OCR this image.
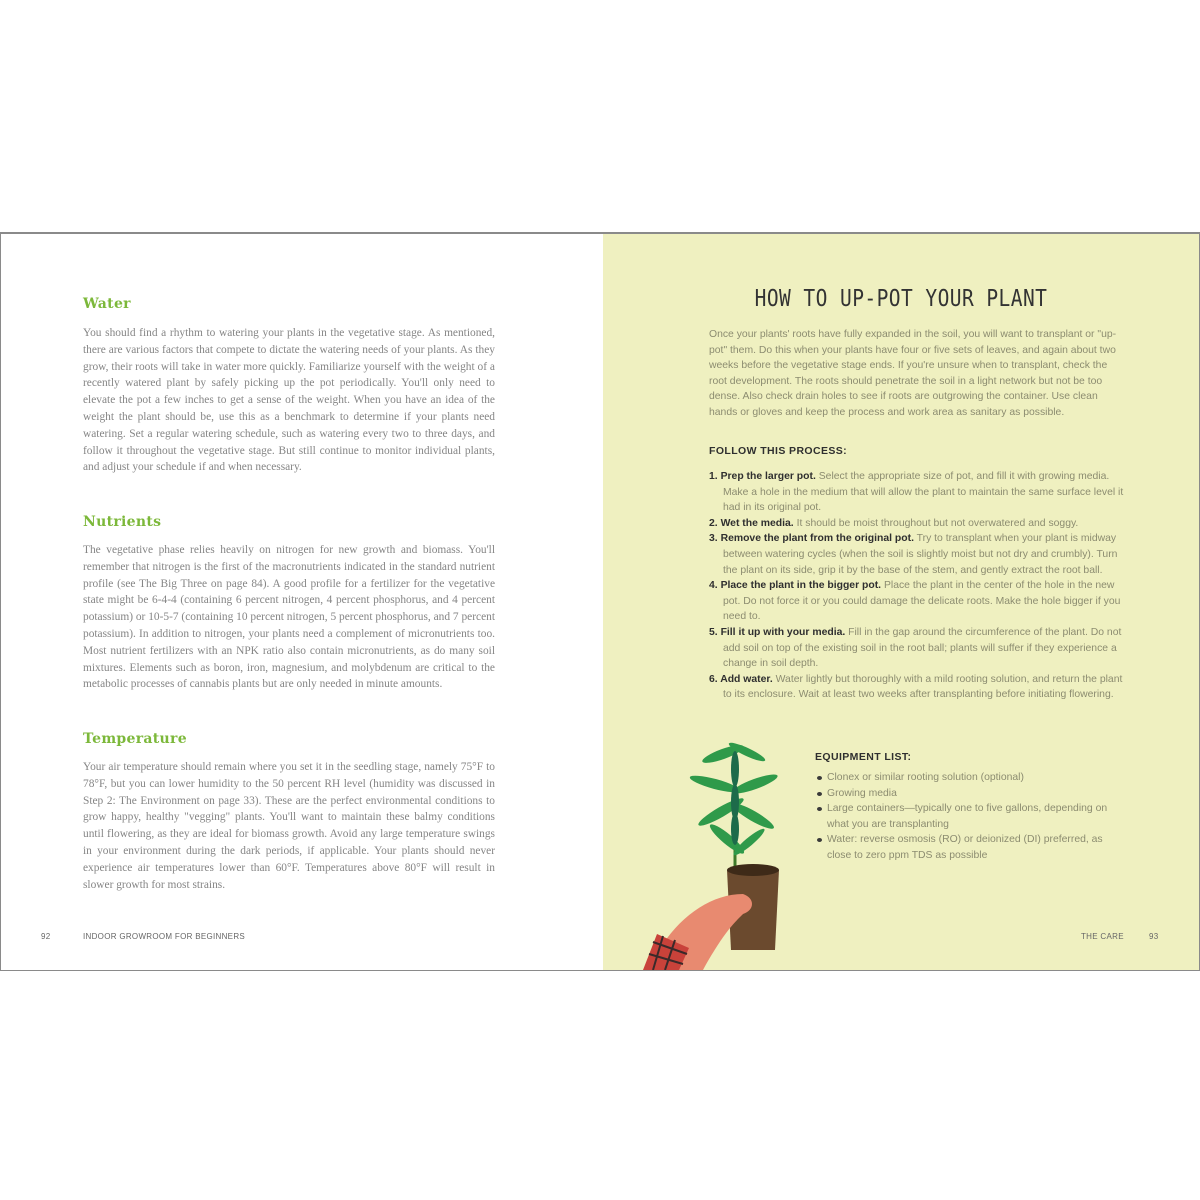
Water

You should find a rhythm to watering your plants in the vegetative stage. As mentioned, there are various factors that compete to dictate the watering needs of your plants. As they grow, their roots will take in water more quickly. Familiarize yourself with the weight of a recently watered plant by safely picking up the pot periodically. You'll only need to elevate the pot a few inches to get a sense of the weight. When you have an idea of the weight the plant should be, use this as a benchmark to determine if your plants need watering. Set a regular watering schedule, such as watering every two to three days, and follow it throughout the vegetative stage. But still continue to monitor individual plants, and adjust your schedule if and when necessary.

Nutrients

The vegetative phase relies heavily on nitrogen for new growth and biomass. You'll remember that nitrogen is the first of the macronutrients indicated in the standard nutrient profile (see The Big Three on page 84). A good profile for a fertilizer for the vegetative state might be 6-4-4 (containing 6 percent nitrogen, 4 percent phosphorus, and 4 percent potassium) or 10-5-7 (containing 10 percent nitrogen, 5 percent phosphorus, and 7 percent potassium). In addition to nitrogen, your plants need a complement of micronutrients too. Most nutrient fertilizers with an NPK ratio also contain micronutrients, as do many soil mixtures. Elements such as boron, iron, magnesium, and molybdenum are critical to the metabolic processes of cannabis plants but are only needed in minute amounts.

Temperature

Your air temperature should remain where you set it in the seedling stage, namely 75°F to 78°F, but you can lower humidity to the 50 percent RH level (humidity was discussed in Step 2: The Environment on page 33). These are the perfect environmental conditions to grow happy, healthy "vegging" plants. You'll want to maintain these balmy conditions until flowering, as they are ideal for biomass growth. Avoid any large temperature swings in your environment during the dark periods, if applicable. Your plants should never experience air temperatures lower than 60°F. Temperatures above 80°F will result in slower growth for most strains.

92	INDOOR GROWROOM FOR BEGINNERS
HOW TO UP-POT YOUR PLANT

Once your plants' roots have fully expanded in the soil, you will want to transplant or "up-pot" them. Do this when your plants have four or five sets of leaves, and again about two weeks before the vegetative stage ends. If you're unsure when to transplant, check the root development. The roots should penetrate the soil in a light network but not be too dense. Also check drain holes to see if roots are outgrowing the container. Use clean hands or gloves and keep the process and work area as sanitary as possible.

FOLLOW THIS PROCESS:
1. Prep the larger pot. Select the appropriate size of pot, and fill it with growing media. Make a hole in the medium that will allow the plant to maintain the same surface level it had in its original pot.
2. Wet the media. It should be moist throughout but not overwatered and soggy.
3. Remove the plant from the original pot. Try to transplant when your plant is midway between watering cycles (when the soil is slightly moist but not dry and crumbly). Turn the plant on its side, grip it by the base of the stem, and gently extract the root ball.
4. Place the plant in the bigger pot. Place the plant in the center of the hole in the new pot. Do not force it or you could damage the delicate roots. Make the hole bigger if you need to.
5. Fill it up with your media. Fill in the gap around the circumference of the plant. Do not add soil on top of the existing soil in the root ball; plants will suffer if they experience a change in soil depth.
6. Add water. Water lightly but thoroughly with a mild rooting solution, and return the plant to its enclosure. Wait at least two weeks after transplanting before initiating flowering.
EQUIPMENT LIST:
Clonex or similar rooting solution (optional)
Growing media
Large containers—typically one to five gallons, depending on what you are transplanting
Water: reverse osmosis (RO) or deionized (DI) preferred, as close to zero ppm TDS as possible
THE CARE	93
